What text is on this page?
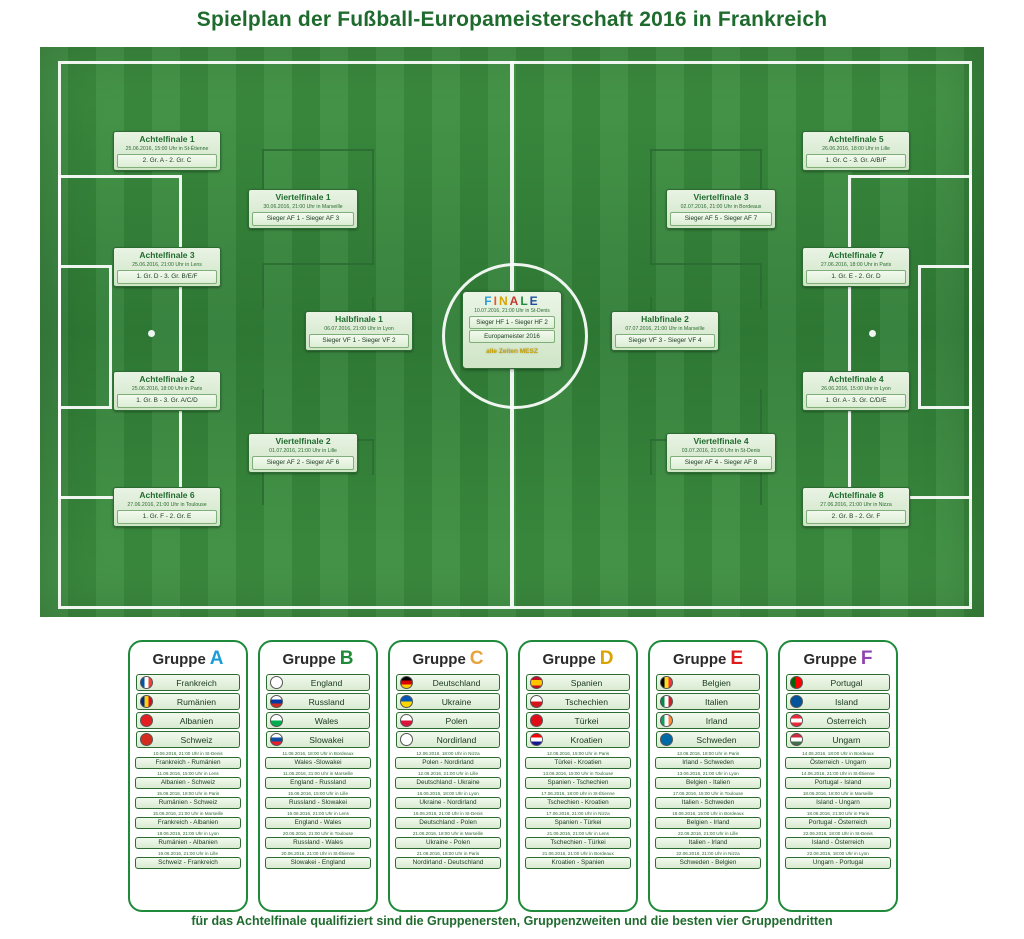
Spielplan der Fußball-Europameisterschaft 2016 in Frankreich
Achtelfinale 1
25.06.2016, 15:00 Uhr in St-Étienne
2. Gr. A - 2. Gr. C
Achtelfinale 3
25.06.2016, 21:00 Uhr in Lens
1. Gr. D - 3. Gr. B/E/F
Achtelfinale 2
25.06.2016, 18:00 Uhr in Paris
1. Gr. B - 3. Gr. A/C/D
Achtelfinale 6
27.06.2016, 21:00 Uhr in Toulouse
1. Gr. F - 2. Gr. E
Achtelfinale 5
26.06.2016, 18:00 Uhr in Lille
1. Gr. C - 3. Gr. A/B/F
Achtelfinale 7
27.06.2016, 18:00 Uhr in Paris
1. Gr. E - 2. Gr. D
Achtelfinale 4
26.06.2016, 15:00 Uhr in Lyon
1. Gr. A - 3. Gr. C/D/E
Achtelfinale 8
27.06.2016, 21:00 Uhr in Nizza
2. Gr. B - 2. Gr. F
Viertelfinale 1
30.06.2016, 21:00 Uhr in Marseille
Sieger AF 1 - Sieger AF 3
Viertelfinale 2
01.07.2016, 21:00 Uhr in Lille
Sieger AF 2 - Sieger AF 6
Viertelfinale 3
02.07.2016, 21:00 Uhr in Bordeaux
Sieger AF 5 - Sieger AF 7
Viertelfinale 4
03.07.2016, 21:00 Uhr in St-Denis
Sieger AF 4 - Sieger AF 8
Halbfinale 1
06.07.2016, 21:00 Uhr in Lyon
Sieger VF 1 - Sieger VF 2
Halbfinale 2
07.07.2016, 21:00 Uhr in Marseille
Sieger VF 3 - Sieger VF 4
FINALE
10.07.2016, 21:00 Uhr in St-Denis
Sieger HF 1 - Sieger HF 2
Europameister 2016
alle Zeiten MESZ
Gruppe A
Frankreich
Rumänien
Albanien
Schweiz
10.06.2016, 21:00 Uhr in St-Denis
Frankreich - Rumänien
11.06.2016, 15:00 Uhr in Lens
Albanien - Schweiz
15.06.2016, 18:00 Uhr in Paris
Rumänien - Schweiz
15.06.2016, 21:00 Uhr in Marseille
Frankreich - Albanien
19.06.2016, 21:00 Uhr in Lyon
Rumänien - Albanien
19.06.2016, 21:00 Uhr in Lille
Schweiz - Frankreich
Gruppe B
England
Russland
Wales
Slowakei
11.06.2016, 18:00 Uhr in Bordeaux
Wales -Slowakei
11.06.2016, 21:00 Uhr in Marseille
England - Russland
15.06.2016, 15:00 Uhr in Lille
Russland - Slowakei
16.06.2016, 21:00 Uhr in Lens
England - Wales
20.06.2016, 21:00 Uhr in Toulouse
Russland - Wales
20.06.2016, 21:00 Uhr in St-Étienne
Slowakei - England
Gruppe C
Deutschland
Ukraine
Polen
Nordirland
12.06.2016, 18:00 Uhr in Nizza
Polen - Nordirland
12.06.2016, 21:00 Uhr in Lille
Deutschland - Ukraine
16.06.2016, 18:00 Uhr in Lyon
Ukraine - Nordirland
16.06.2016, 21:00 Uhr in St-Denis
Deutschland - Polen
21.06.2016, 18:00 Uhr in Marseille
Ukraine - Polen
21.06.2016, 18:00 Uhr in Paris
Nordirland - Deutschland
Gruppe D
Spanien
Tschechien
Türkei
Kroatien
12.06.2016, 15:00 Uhr in Paris
Türkei - Kroatien
13.06.2016, 15:00 Uhr in Toulouse
Spanien - Tschechien
17.06.2016, 18:00 Uhr in St-Étienne
Tschechien - Kroatien
17.06.2016, 21:00 Uhr in Nizza
Spanien - Türkei
21.06.2016, 21:00 Uhr in Lens
Tschechien - Türkei
21.06.2016, 21:00 Uhr in Bordeaux
Kroatien - Spanien
Gruppe E
Belgien
Italien
Irland
Schweden
13.06.2016, 18:00 Uhr in Paris
Irland - Schweden
13.06.2016, 21:00 Uhr in Lyon
Belgien - Italien
17.06.2016, 15:00 Uhr in Toulouse
Italien - Schweden
18.06.2016, 15:00 Uhr in Bordeaux
Belgien - Irland
22.06.2016, 21:00 Uhr in Lille
Italien - Irland
22.06.2016, 21:00 Uhr in Nizza
Schweden - Belgien
Gruppe F
Portugal
Island
Österreich
Ungarn
14.06.2016, 18:00 Uhr in Bordeaux
Österreich - Ungarn
14.06.2016, 21:00 Uhr in St-Étienne
Portugal - Island
18.06.2016, 18:00 Uhr in Marseille
Island - Ungarn
18.06.2016, 21:00 Uhr in Paris
Portugal - Österreich
22.06.2016, 18:00 Uhr in St-Denis
Island - Österreich
22.06.2016, 18:00 Uhr in Lyon
Ungarn - Portugal
für das Achtelfinale qualifiziert sind die Gruppenersten, Gruppenzweiten und die besten vier Gruppendritten
